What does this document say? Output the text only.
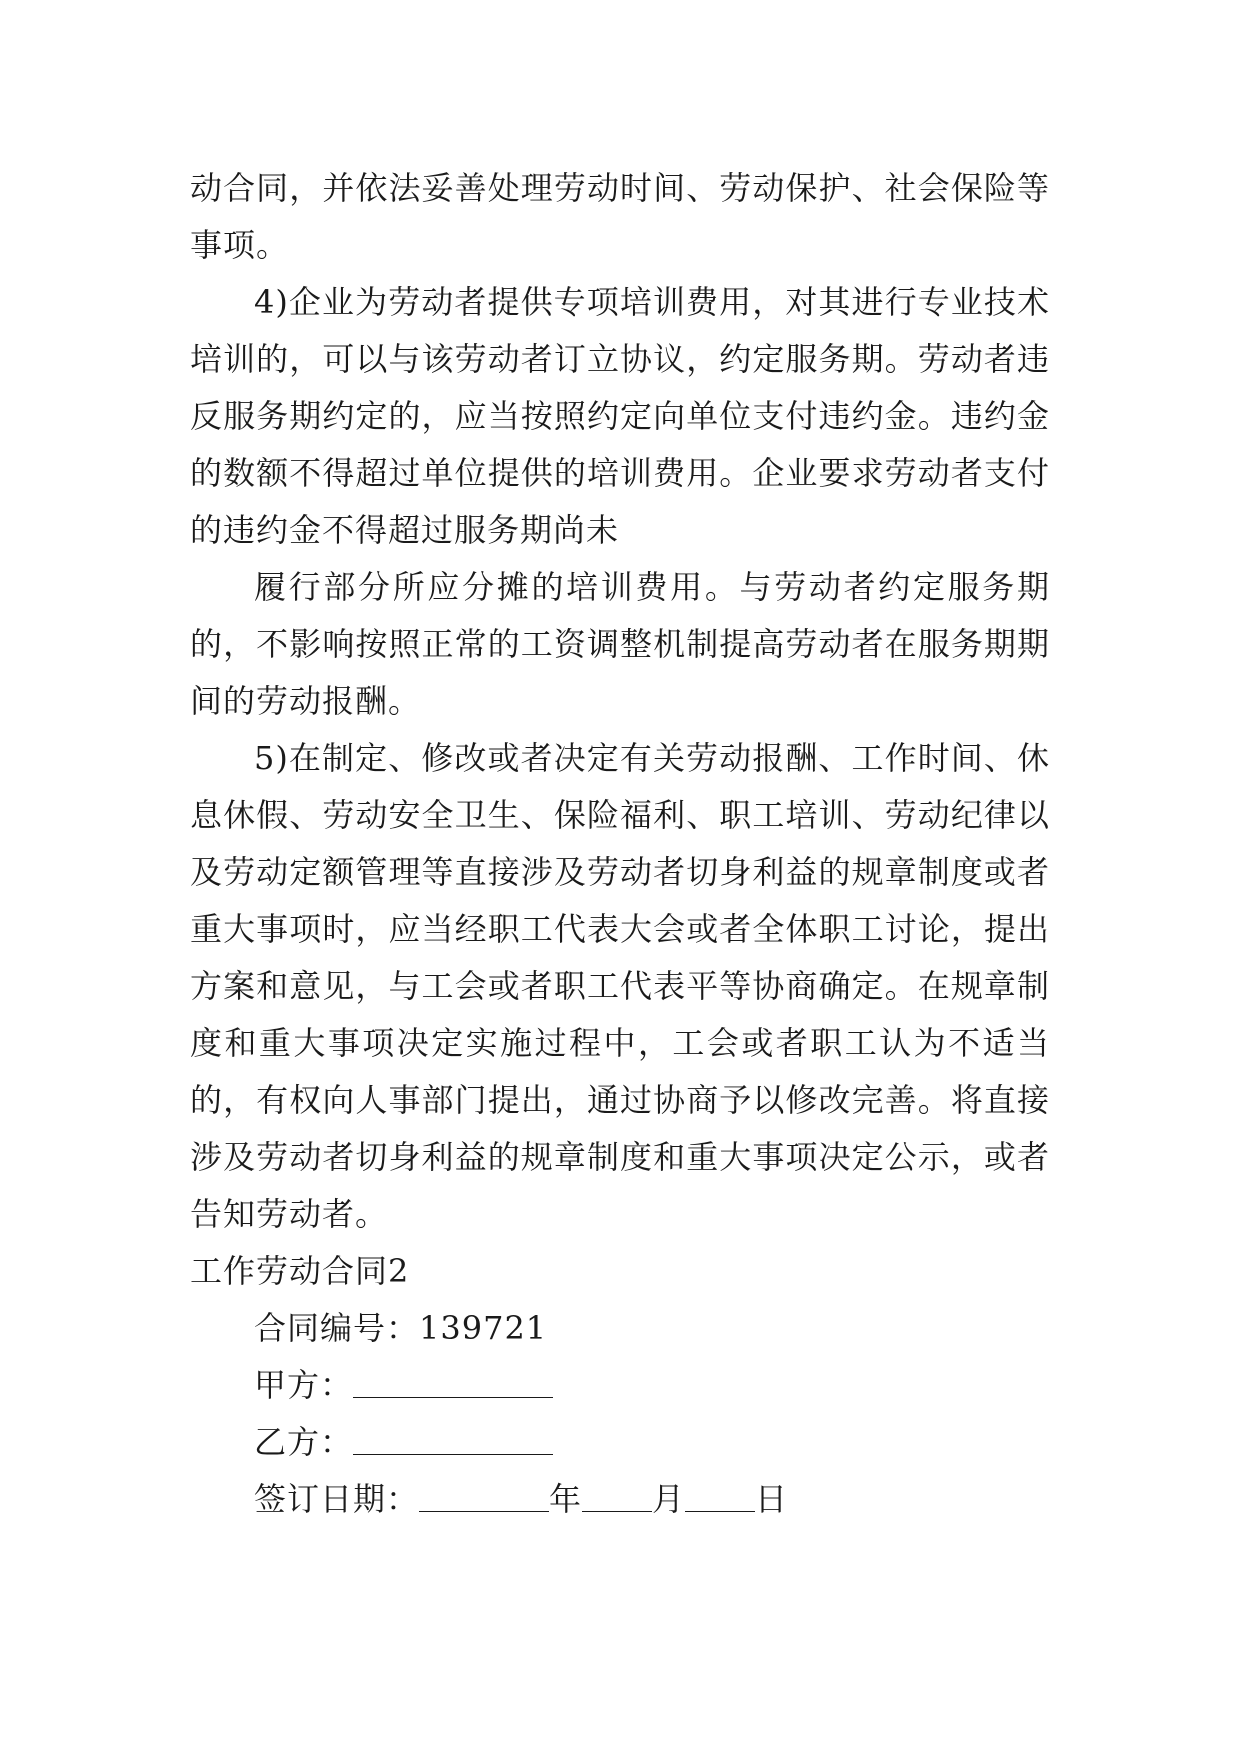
动合同，并依法妥善处理劳动时间、劳动保护、社会保险等事项。

4)企业为劳动者提供专项培训费用，对其进行专业技术培训的，可以与该劳动者订立协议，约定服务期。劳动者违反服务期约定的，应当按照约定向单位支付违约金。违约金的数额不得超过单位提供的培训费用。企业要求劳动者支付的违约金不得超过服务期尚未

履行部分所应分摊的培训费用。与劳动者约定服务期的，不影响按照正常的工资调整机制提高劳动者在服务期期间的劳动报酬。

5)在制定、修改或者决定有关劳动报酬、工作时间、休息休假、劳动安全卫生、保险福利、职工培训、劳动纪律以及劳动定额管理等直接涉及劳动者切身利益的规章制度或者重大事项时，应当经职工代表大会或者全体职工讨论，提出方案和意见，与工会或者职工代表平等协商确定。在规章制度和重大事项决定实施过程中，工会或者职工认为不适当的，有权向人事部门提出，通过协商予以修改完善。将直接涉及劳动者切身利益的规章制度和重大事项决定公示，或者告知劳动者。

工作劳动合同2

合同编号：139721

甲方：

乙方：

签订日期：	年 月 日
